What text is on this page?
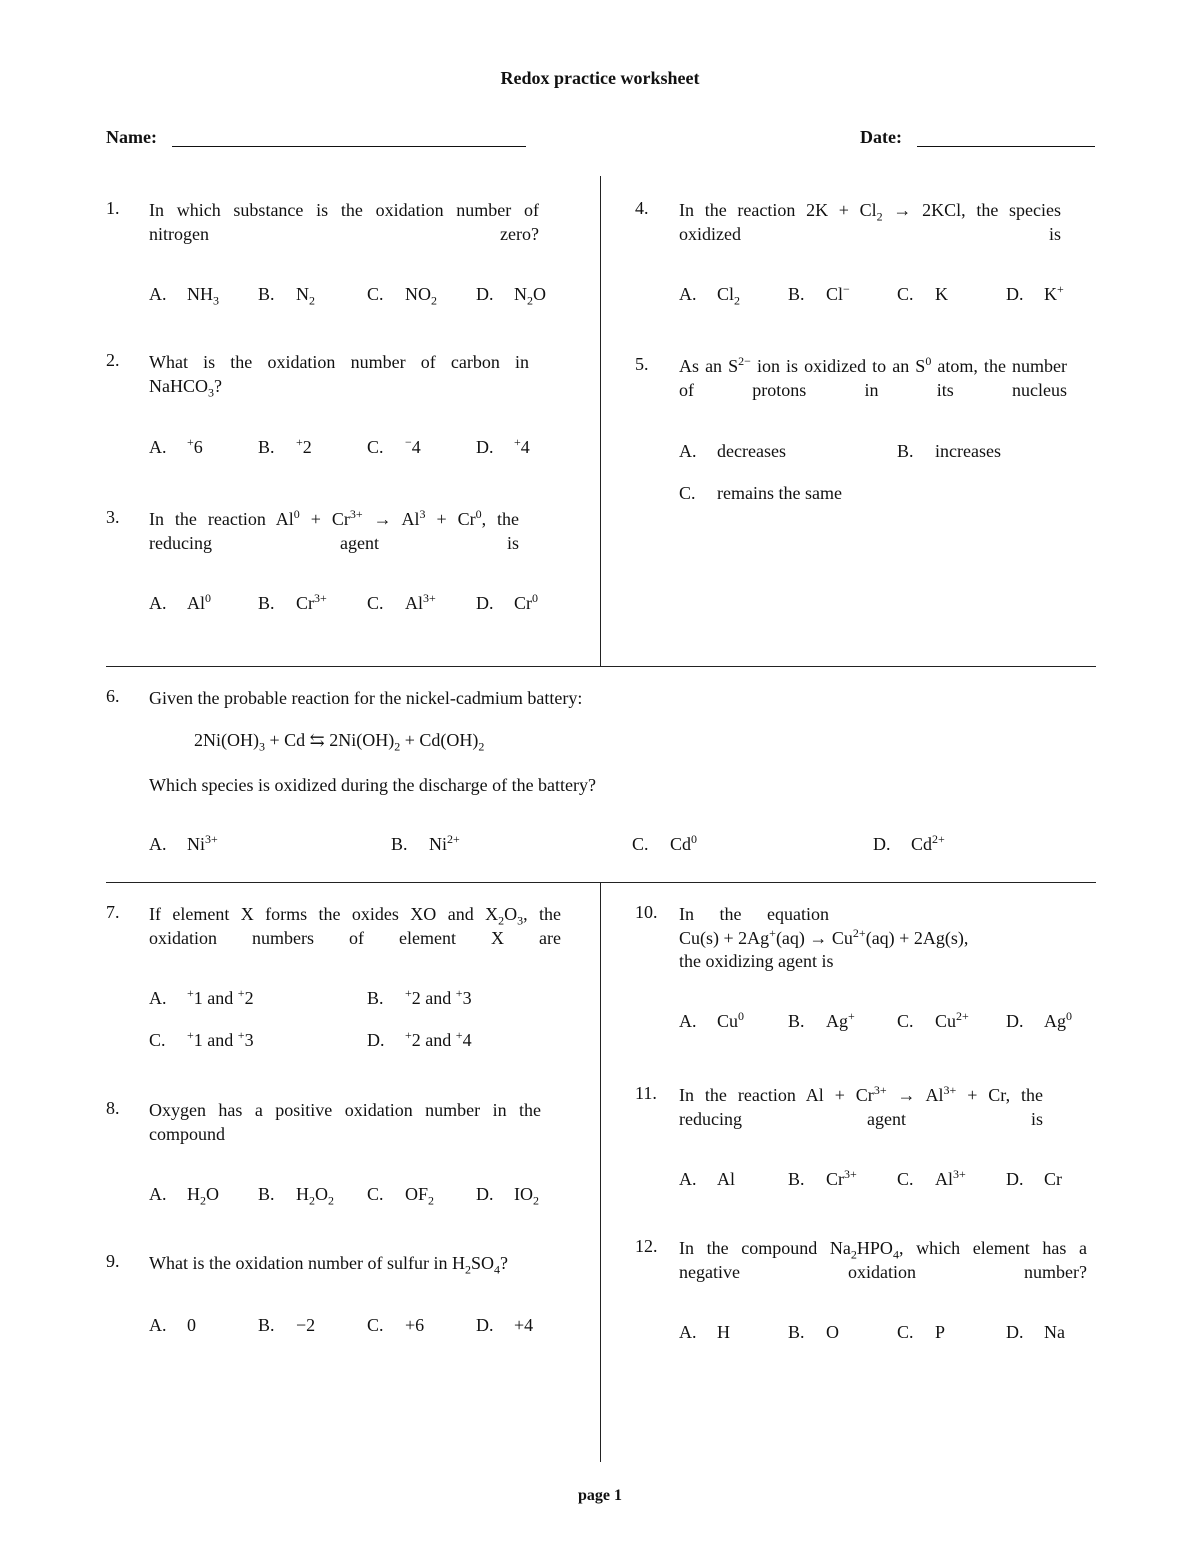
Redox practice worksheet
Name:	Date:
1. In which substance is the oxidation number of nitrogen zero?
A. $NH_3$ B. $N_2$	C. $NO_2$ D. $N_2O$
2. What is the oxidation number of carbon in NaHCO$_3$?
A. +6	B. +2	C. −4	D. +4
3. In the reaction $Al^0 + Cr^{3+} \to Al^3 + Cr^0$, the reducing agent is
A. Al$^0$	B. $Cr^{3+}$ C. $Al^{3+}$ D. Cr$^0$
4. In the reaction $2K + Cl_2 \to 2KCl$, the species oxidized is
A. $Cl_2$	B. Cl−	C. K	D. K+
5. As an $S^{2-}$ ion is oxidized to an $S^0$ atom, the number of protons in its nucleus
A. decreases	B. increases
C. remains the same
6. Given the probable reaction for the nickel-cadmium battery:
$2Ni(OH)_3 + Cd$ ⇆ $2Ni(OH)_2 + Cd(OH)_2$
Which species is oxidized during the discharge of the battery?
A. $Ni^{3+}$	B. $Ni^{2+}$	C. Cd$^0$	D. $Cd^{2+}$
7. If element X forms the oxides XO and $X_2O_3$, the oxidation numbers of element X are
A. +1 and +2	B. +2 and +3
C. +1 and +3	D. +2 and +4
8. Oxygen has a positive oxidation number in the compound
A. $H_2O$ B. $H_2O_2$ C. $OF_2$ D. $IO_2$
9. What is the oxidation number of sulfur in $H_2SO_4$?
A. 0	B. −2	C. +6	D. +4
10. In the equation
$Cu(s) + 2Ag^+(aq) \to Cu^{2+}(aq) + 2Ag(s)$,
the oxidizing agent is
A. Cu$^0$ B. Ag+ C. $Cu^{2+}$ D. Ag$^0$
11. In the reaction $Al + Cr^{3+} \to Al^{3+} + Cr$, the reducing agent is
A. Al	B. $Cr^{3+}$ C. $Al^{3+}$ D. Cr
12. In the compound $Na_2HPO_4$, which element has a negative oxidation number?
A. H	B. O	C. P	D. Na
page 1
